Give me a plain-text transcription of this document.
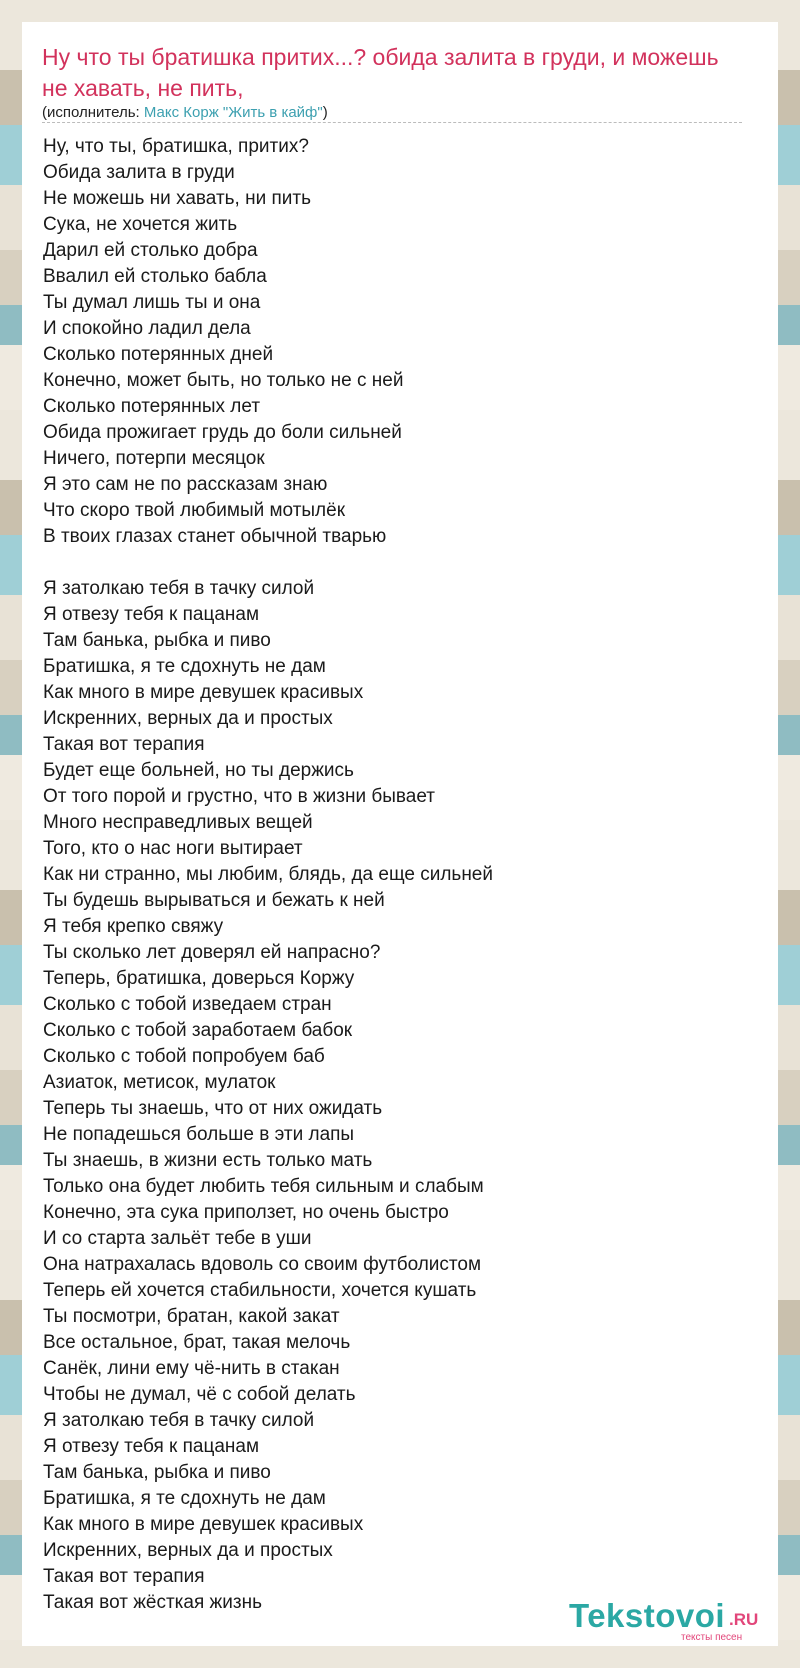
Ну что ты братишка притих...? обида залита в груди, и можешь не хавать, не пить,
(исполнитель: Макс Корж "Жить в кайф")
Ну, что ты, братишка, притих?
Обида залита в груди
Не можешь ни хавать, ни пить
Сука, не хочется жить
Дарил ей столько добра
Ввалил ей столько бабла
Ты думал лишь ты и она
И спокойно ладил дела
Сколько потерянных дней
Конечно, может быть, но только не с ней
Сколько потерянных лет
Обида прожигает грудь до боли сильней
Ничего, потерпи месяцок
Я это сам не по рассказам знаю
Что скоро твой любимый мотылёк
В твоих глазах станет обычной тварью
Я затолкаю тебя в тачку силой
Я отвезу тебя к пацанам
Там банька, рыбка и пиво
Братишка, я те сдохнуть не дам
Как много в мире девушек красивых
Искренних, верных да и простых
Такая вот терапия
Будет еще больней, но ты держись
От того порой и грустно, что в жизни бывает
Много несправедливых вещей
Того, кто о нас ноги вытирает
Как ни странно, мы любим, блядь, да еще сильней
Ты будешь вырываться и бежать к ней
Я тебя крепко свяжу
Ты сколько лет доверял ей напрасно?
Теперь, братишка, доверься Коржу
Сколько с тобой изведаем стран
Сколько с тобой заработаем бабок
Сколько с тобой попробуем баб
Азиаток, метисок, мулаток
Теперь ты знаешь, что от них ожидать
Не попадешься больше в эти лапы
Ты знаешь, в жизни есть только мать
Только она будет любить тебя сильным и слабым
Конечно, эта сука приползет, но очень быстро
И со старта зальёт тебе в уши
Она натрахалась вдоволь со своим футболистом
Теперь ей хочется стабильности, хочется кушать
Ты посмотри, братан, какой закат
Все остальное, брат, такая мелочь
Санёк, лини ему чё-нить в стакан
Чтобы не думал, чё с собой делать
Я затолкаю тебя в тачку силой
Я отвезу тебя к пацанам
Там банька, рыбка и пиво
Братишка, я те сдохнуть не дам
Как много в мире девушек красивых
Искренних, верных да и простых
Такая вот терапия
Такая вот жёсткая жизнь	Tekstovoi .RU
тексты песен
